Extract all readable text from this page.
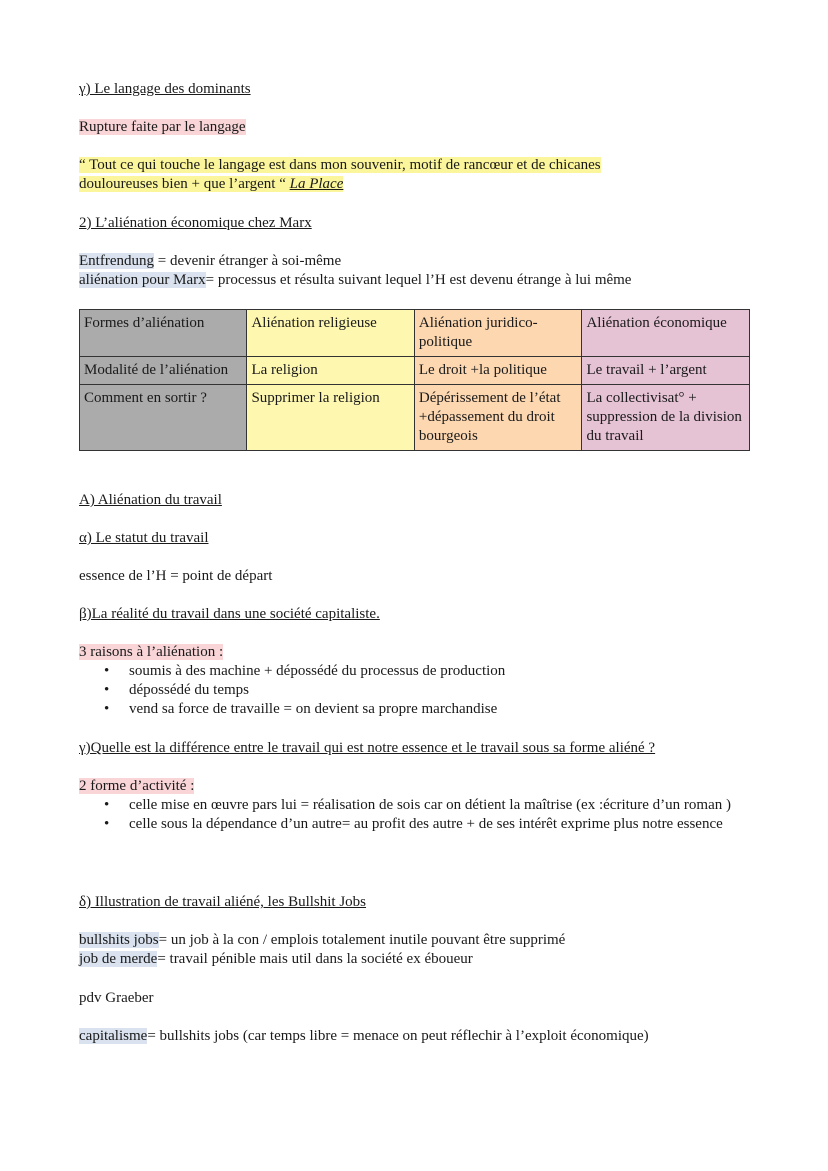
γ) Le langage des dominants
Rupture faite par le langage
“ Tout ce qui touche le langage est dans mon souvenir, motif de rancœur et de chicanes
douloureuses bien + que l’argent “ La Place
2) L’aliénation économique chez Marx
Entfrendung = devenir étranger à soi-même
aliénation pour Marx= processus et résulta suivant lequel l’H est devenu étrange à lui même
Formes d’aliénation	Aliénation religieuse	Aliénation juridico-politique	Aliénation économique
Modalité de l’aliénation	La religion	Le droit +la politique	Le travail + l’argent
Comment en sortir ?	Supprimer la religion	Dépérissement de l’état +dépassement du droit bourgeois	La collectivisat° + suppression de la division du travail
A) Aliénation du travail
α) Le statut du travail
essence de l’H = point de départ
β)La réalité du travail dans une société capitaliste.
3 raisons à l’aliénation :
• soumis à des machine + dépossédé du processus de production
• dépossédé du temps
• vend sa force de travaille = on devient sa propre marchandise
γ)Quelle est la différence entre le travail qui est notre essence et le travail sous sa forme aliéné ?
2 forme d’activité :
• celle mise en œuvre pars lui = réalisation de sois car on détient la maîtrise (ex :écriture d’un roman )
• celle sous la dépendance d’un autre= au profit des autre + de ses intérêt exprime plus notre essence
δ) Illustration de travail aliéné, les Bullshit Jobs
bullshits jobs= un job à la con / emplois totalement inutile pouvant être supprimé
job de merde= travail pénible mais util dans la société ex éboueur
pdv Graeber
capitalisme= bullshits jobs (car temps libre = menace on peut réflechir à l’exploit économique)
